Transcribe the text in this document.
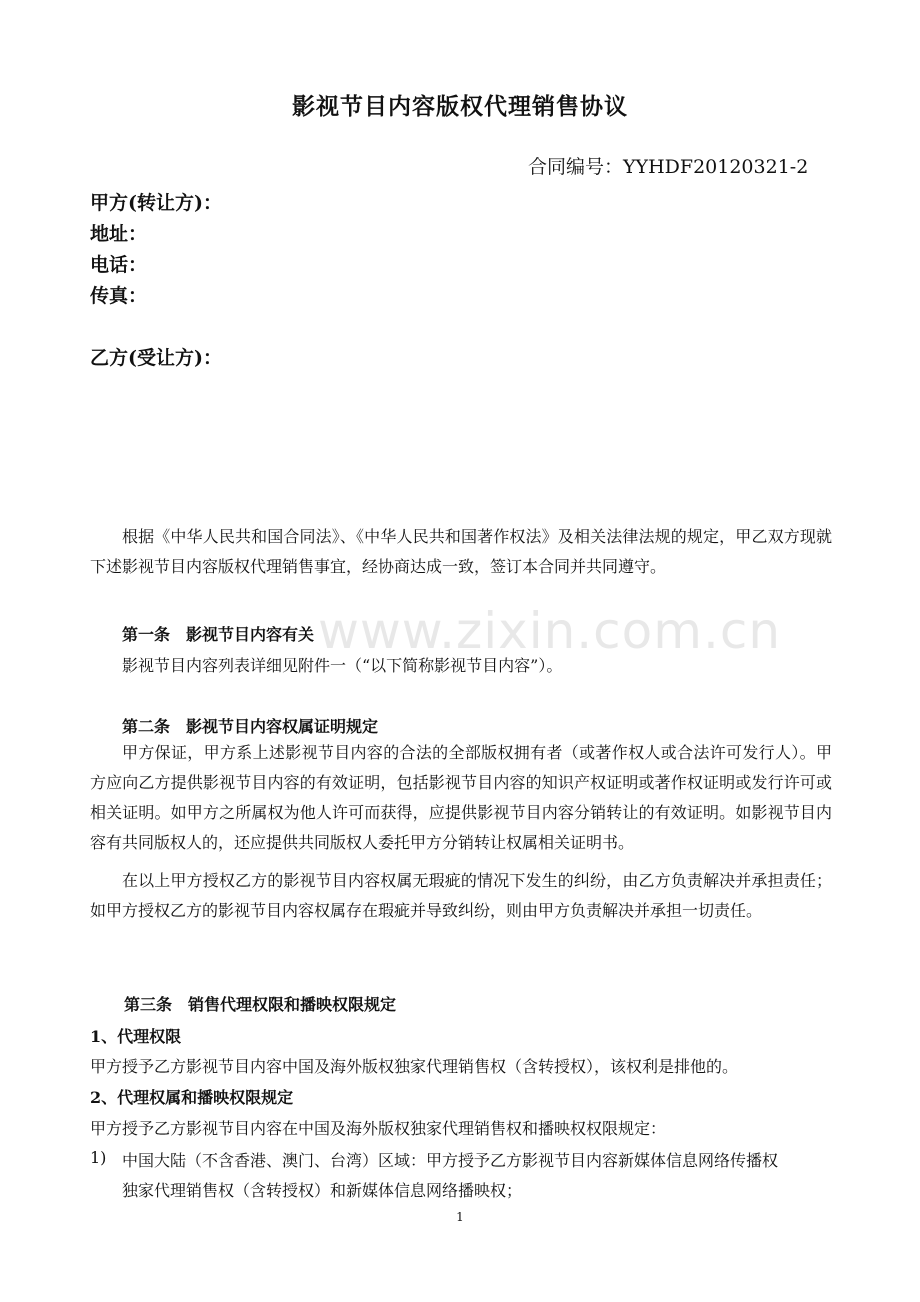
www.zixin.com.cn
影视节目内容版权代理销售协议
合同编号：YYHDF20120321-2
甲方(转让方)：
地址：
电话：
传真：
乙方(受让方)：
根据《中华人民共和国合同法》、《中华人民共和国著作权法》及相关法律法规的规定，甲乙双方现就下述影视节目内容版权代理销售事宜，经协商达成一致，签订本合同并共同遵守。
第一条　影视节目内容有关
影视节目内容列表详细见附件一（“以下简称影视节目内容”）。
第二条　影视节目内容权属证明规定
甲方保证，甲方系上述影视节目内容的合法的全部版权拥有者（或著作权人或合法许可发行人）。甲方应向乙方提供影视节目内容的有效证明，包括影视节目内容的知识产权证明或著作权证明或发行许可或相关证明。如甲方之所属权为他人许可而获得，应提供影视节目内容分销转让的有效证明。如影视节目内容有共同版权人的，还应提供共同版权人委托甲方分销转让权属相关证明书。
在以上甲方授权乙方的影视节目内容权属无瑕疵的情况下发生的纠纷，由乙方负责解决并承担责任；如甲方授权乙方的影视节目内容权属存在瑕疵并导致纠纷，则由甲方负责解决并承担一切责任。
第三条　销售代理权限和播映权限规定
1、代理权限
甲方授予乙方影视节目内容中国及海外版权独家代理销售权（含转授权），该权利是排他的。
2、代理权属和播映权限规定
甲方授予乙方影视节目内容在中国及海外版权独家代理销售权和播映权权限规定：
1) 中国大陆（不含香港、澳门、台湾）区域：甲方授予乙方影视节目内容新媒体信息网络传播权
独家代理销售权（含转授权）和新媒体信息网络播映权；
1
